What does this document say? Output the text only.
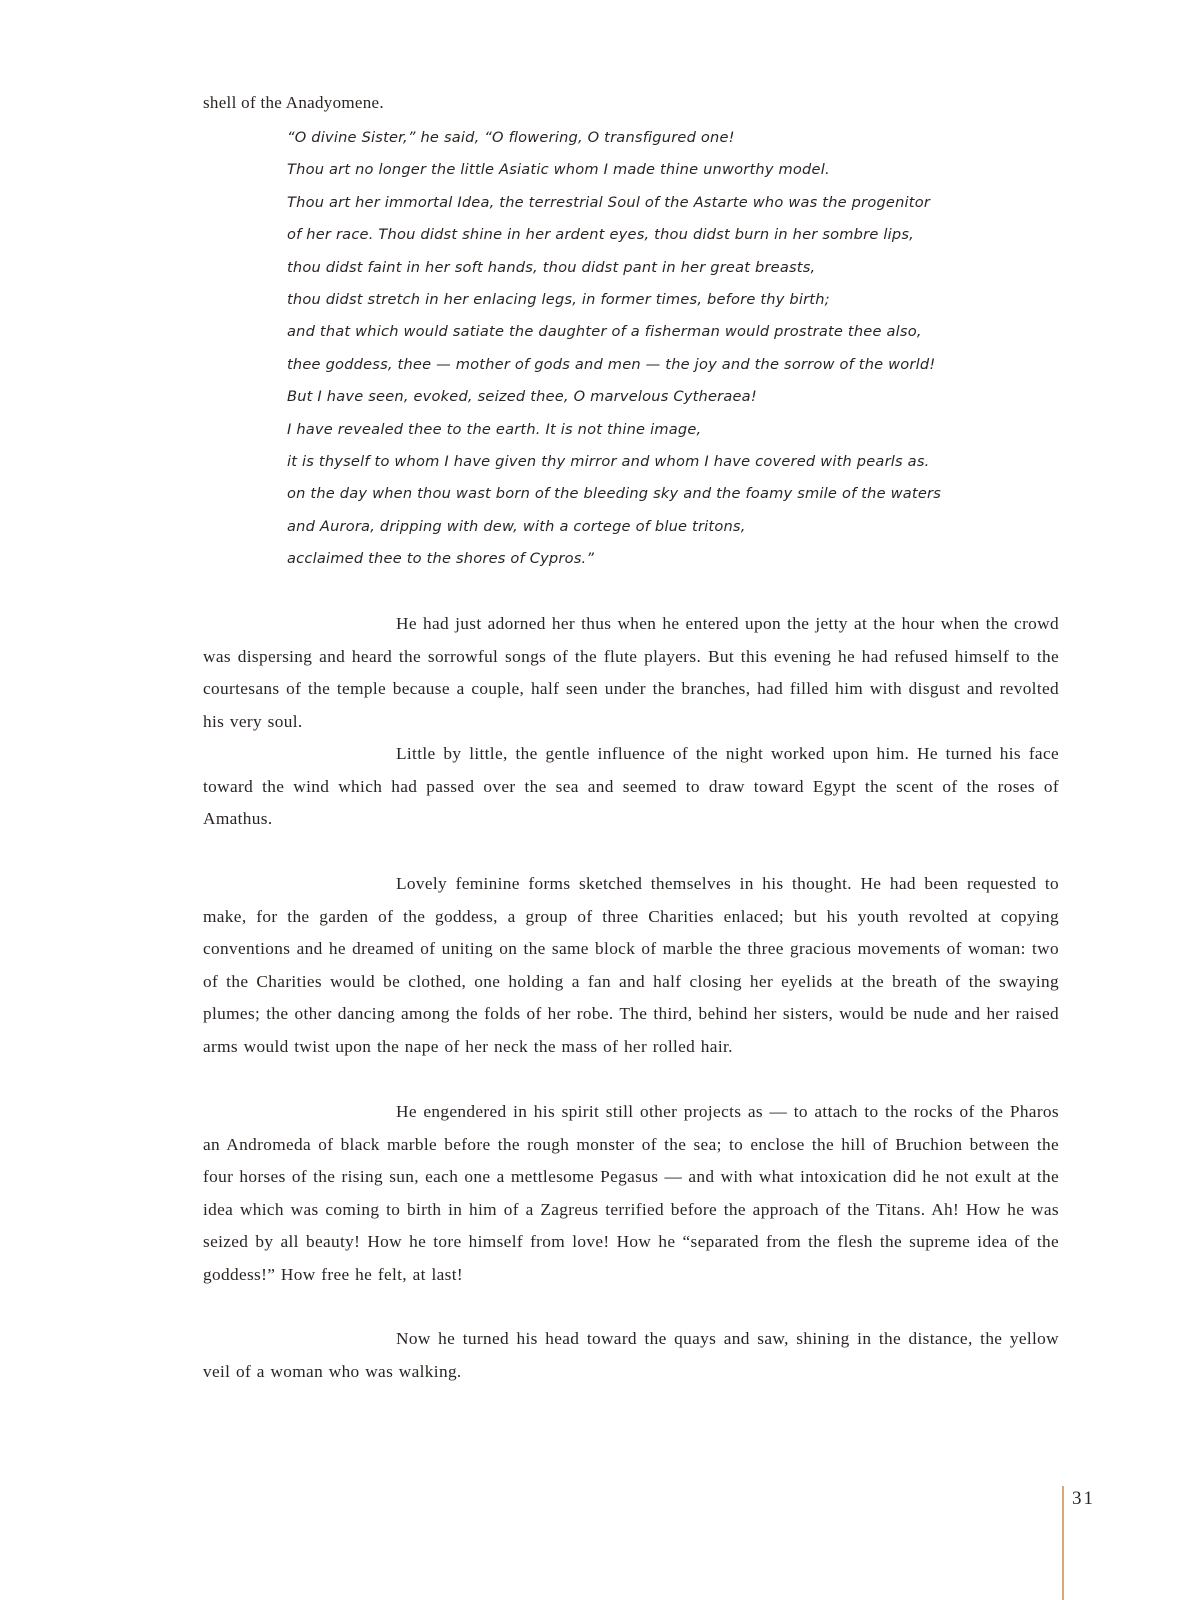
shell of the Anadyomene.

“O divine Sister,” he said, “O flowering, O transfigured one!
Thou art no longer the little Asiatic whom I made thine unworthy model.
Thou art her immortal Idea, the terrestrial Soul of the Astarte who was the progenitor
of her race. Thou didst shine in her ardent eyes, thou didst burn in her sombre lips,
thou didst faint in her soft hands, thou didst pant in her great breasts,
thou didst stretch in her enlacing legs, in former times, before thy birth;
and that which would satiate the daughter of a fisherman would prostrate thee also,
thee goddess, thee — mother of gods and men — the joy and the sorrow of the world!
But I have seen, evoked, seized thee, O marvelous Cytheraea!
I have revealed thee to the earth. It is not thine image,
it is thyself to whom I have given thy mirror and whom I have covered with pearls as.
on the day when thou wast born of the bleeding sky and the foamy smile of the waters
and Aurora, dripping with dew, with a cortege of blue tritons,
acclaimed thee to the shores of Cypros.”

He had just adorned her thus when he entered upon the jetty at the hour when the crowd was dispersing and heard the sorrowful songs of the flute players. But this evening he had refused himself to the courtesans of the temple because a couple, half seen under the branches, had filled him with disgust and revolted his very soul.

Little by little, the gentle influence of the night worked upon him. He turned his face toward the wind which had passed over the sea and seemed to draw toward Egypt the scent of the roses of Amathus.

Lovely feminine forms sketched themselves in his thought. He had been requested to make, for the garden of the goddess, a group of three Charities enlaced; but his youth revolted at copying conventions and he dreamed of uniting on the same block of marble the three gracious movements of woman: two of the Charities would be clothed, one holding a fan and half closing her eyelids at the breath of the swaying plumes; the other dancing among the folds of her robe. The third, behind her sisters, would be nude and her raised arms would twist upon the nape of her neck the mass of her rolled hair.

He engendered in his spirit still other projects as — to attach to the rocks of the Pharos an Andromeda of black marble before the rough monster of the sea; to enclose the hill of Bruchion between the four horses of the rising sun, each one a mettlesome Pegasus — and with what intoxication did he not exult at the idea which was coming to birth in him of a Zagreus terrified before the approach of the Titans. Ah! How he was seized by all beauty! How he tore himself from love! How he “separated from the flesh the supreme idea of the goddess!” How free he felt, at last!

Now he turned his head toward the quays and saw, shining in the distance, the yellow veil of a woman who was walking.

31
